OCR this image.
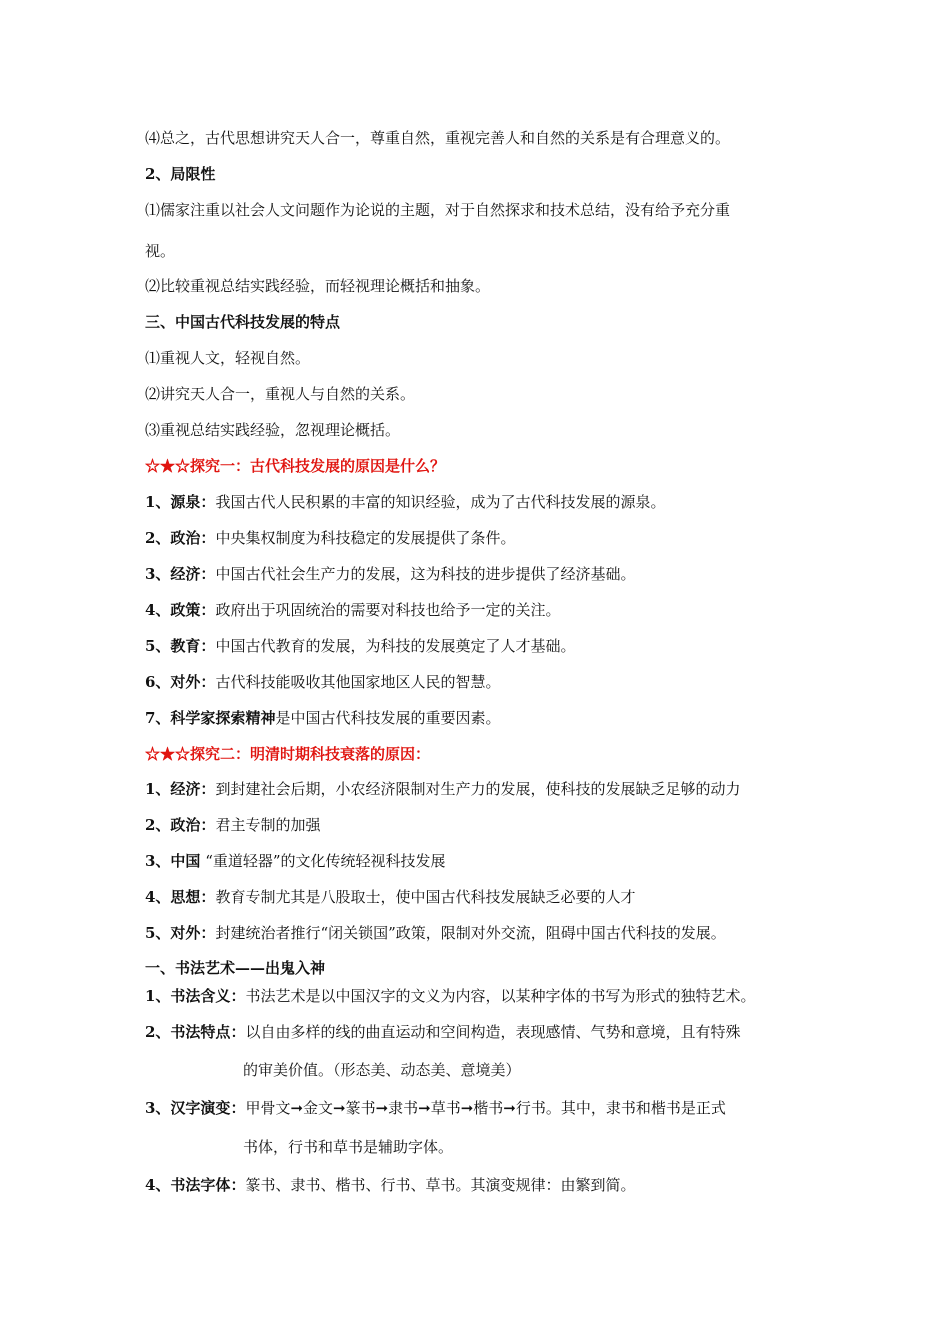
⑷总之，古代思想讲究天人合一，尊重自然，重视完善人和自然的关系是有合理意义的。
2、局限性
⑴儒家注重以社会人文问题作为论说的主题，对于自然探求和技术总结，没有给予充分重
视。
⑵比较重视总结实践经验，而轻视理论概括和抽象。
三、中国古代科技发展的特点
⑴重视人文，轻视自然。
⑵讲究天人合一，重视人与自然的关系。
⑶重视总结实践经验，忽视理论概括。
☆★☆探究一：古代科技发展的原因是什么？
1、源泉：我国古代人民积累的丰富的知识经验，成为了古代科技发展的源泉。
2、政治：中央集权制度为科技稳定的发展提供了条件。
3、经济：中国古代社会生产力的发展，这为科技的进步提供了经济基础。
4、政策：政府出于巩固统治的需要对科技也给予一定的关注。
5、教育：中国古代教育的发展，为科技的发展奠定了人才基础。
6、对外：古代科技能吸收其他国家地区人民的智慧。
7、科学家探索精神是中国古代科技发展的重要因素。
☆★☆探究二：明清时期科技衰落的原因：
1、经济：到封建社会后期，小农经济限制对生产力的发展，使科技的发展缺乏足够的动力
2、政治：君主专制的加强
3、中国 “重道轻器”的文化传统轻视科技发展
4、思想：教育专制尤其是八股取士，使中国古代科技发展缺乏必要的人才
5、对外：封建统治者推行“闭关锁国”政策，限制对外交流，阻碍中国古代科技的发展。
一、书法艺术——出鬼入神
1、书法含义：书法艺术是以中国汉字的文义为内容，以某种字体的书写为形式的独特艺术。
2、书法特点：以自由多样的线的曲直运动和空间构造，表现感情、气势和意境，且有特殊
的审美价值。（形态美、动态美、意境美）
3、汉字演变：甲骨文➞金文➞篆书➞隶书➞草书➞楷书➞行书。其中，隶书和楷书是正式
书体，行书和草书是辅助字体。
4、书法字体：篆书、隶书、楷书、行书、草书。其演变规律：由繁到简。
